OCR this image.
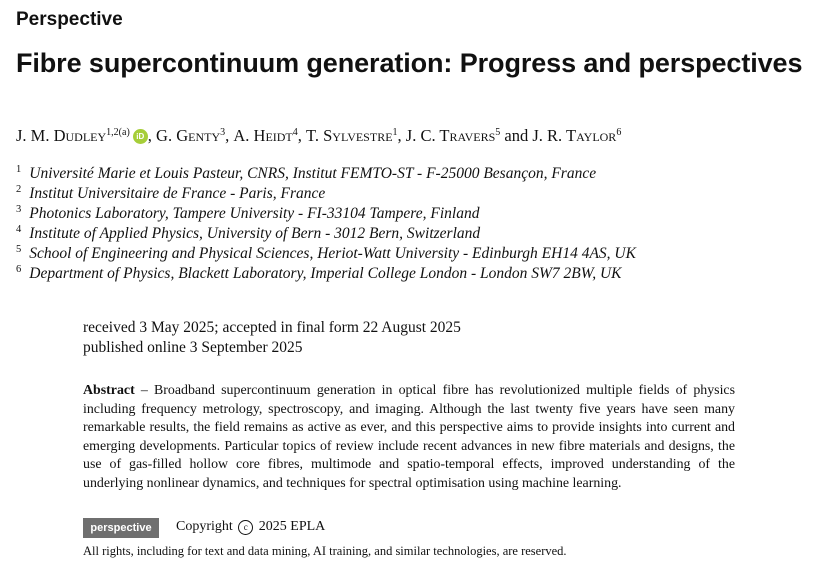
Perspective
Fibre supercontinuum generation: Progress and perspectives
J. M. Dudley$^{1,2(a)}$ iD , G. Genty$^3$, A. Heidt$^4$, T. Sylvestre$^1$, J. C. Travers$^5$ and J. R. Taylor$^6$
$^1$ Université Marie et Louis Pasteur, CNRS, Institut FEMTO-ST - F-25000 Besançon, France
$^2$ Institut Universitaire de France - Paris, France
$^3$ Photonics Laboratory, Tampere University - FI-33104 Tampere, Finland
$^4$ Institute of Applied Physics, University of Bern - 3012 Bern, Switzerland
$^5$ School of Engineering and Physical Sciences, Heriot-Watt University - Edinburgh EH14 4AS, UK
$^6$ Department of Physics, Blackett Laboratory, Imperial College London - London SW7 2BW, UK
received 3 May 2025; accepted in final form 22 August 2025
published online 3 September 2025
Abstract – Broadband supercontinuum generation in optical fibre has revolutionized multiple fields of physics including frequency metrology, spectroscopy, and imaging. Although the last twenty five years have seen many remarkable results, the field remains as active as ever, and this perspective aims to provide insights into current and emerging developments. Particular topics of review include recent advances in new fibre materials and designs, the use of gas-filled hollow core fibres, multimode and spatio-temporal effects, improved understanding of the underlying nonlinear dynamics, and techniques for spectral optimisation using machine learning.
perspective	Copyright c 2025 EPLA
All rights, including for text and data mining, AI training, and similar technologies, are reserved.
